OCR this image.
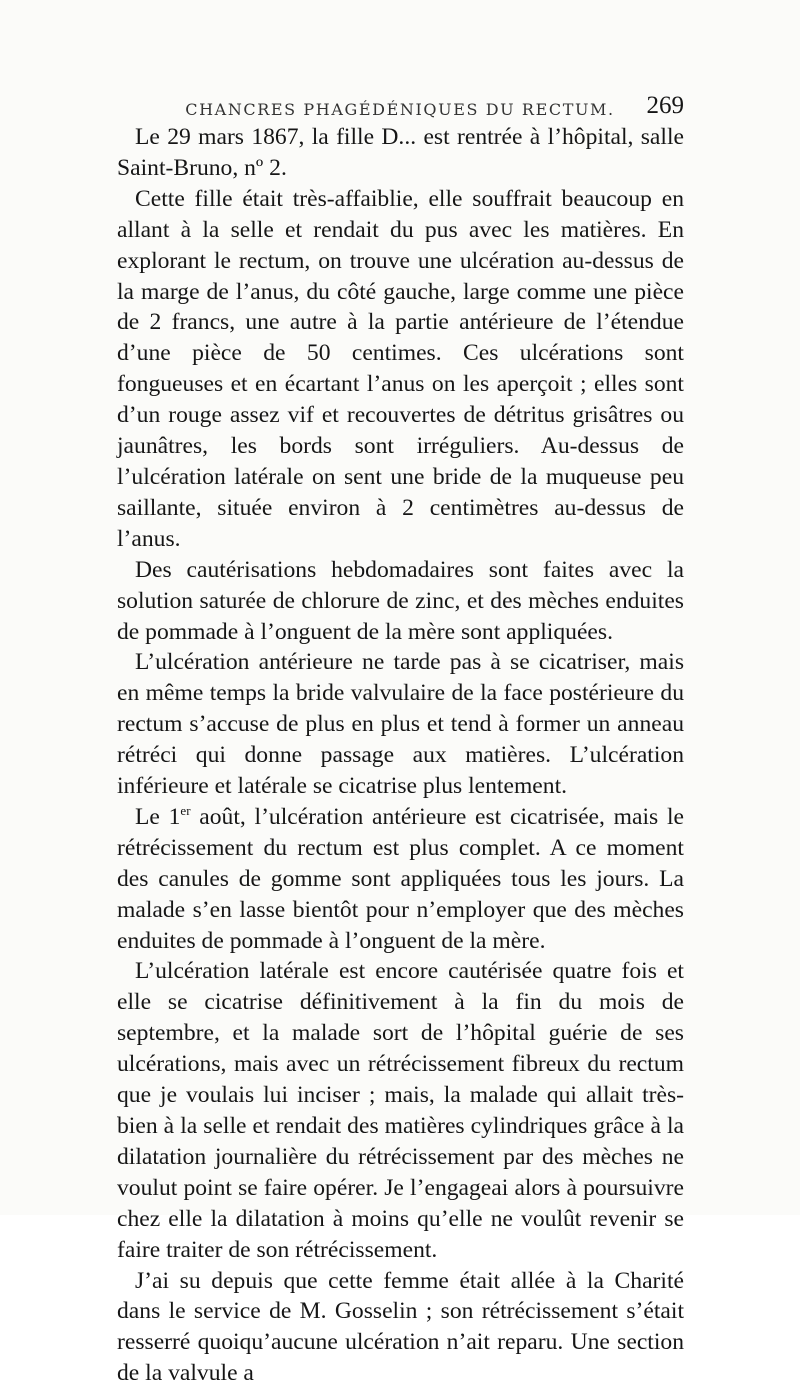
CHANCRES PHAGÉDÉNIQUES DU RECTUM.	269

Le 29 mars 1867, la fille D... est rentrée à l’hôpital, salle Saint-Bruno, nº 2.

Cette fille était très-affaiblie, elle souffrait beaucoup en allant à la selle et rendait du pus avec les matières. En explorant le rectum, on trouve une ulcération au-dessus de la marge de l’anus, du côté gauche, large comme une pièce de 2 francs, une autre à la partie antérieure de l’étendue d’une pièce de 50 centimes. Ces ulcérations sont fongueuses et en écartant l’anus on les aperçoit ; elles sont d’un rouge assez vif et recouvertes de détritus grisâtres ou jaunâtres, les bords sont irréguliers. Au-dessus de l’ulcération latérale on sent une bride de la muqueuse peu saillante, située environ à 2 centimètres au-dessus de l’anus.

Des cautérisations hebdomadaires sont faites avec la solution saturée de chlorure de zinc, et des mèches enduites de pommade à l’onguent de la mère sont appliquées.

L’ulcération antérieure ne tarde pas à se cicatriser, mais en même temps la bride valvulaire de la face postérieure du rectum s’accuse de plus en plus et tend à former un anneau rétréci qui donne passage aux matières. L’ulcération inférieure et latérale se cicatrise plus lentement.

Le 1er août, l’ulcération antérieure est cicatrisée, mais le rétrécissement du rectum est plus complet. A ce moment des canules de gomme sont appliquées tous les jours. La malade s’en lasse bientôt pour n’employer que des mèches enduites de pommade à l’onguent de la mère.

L’ulcération latérale est encore cautérisée quatre fois et elle se cicatrise définitivement à la fin du mois de septembre, et la malade sort de l’hôpital guérie de ses ulcérations, mais avec un rétrécissement fibreux du rectum que je voulais lui inciser ; mais, la malade qui allait très-bien à la selle et rendait des matières cylindriques grâce à la dilatation journalière du rétrécissement par des mèches ne voulut point se faire opérer. Je l’engageai alors à poursuivre chez elle la dilatation à moins qu’elle ne voulût revenir se faire traiter de son rétrécissement.

J’ai su depuis que cette femme était allée à la Charité dans le service de M. Gosselin ; son rétrécissement s’était resserré quoiqu’aucune ulcération n’ait reparu. Une section de la valvule a
